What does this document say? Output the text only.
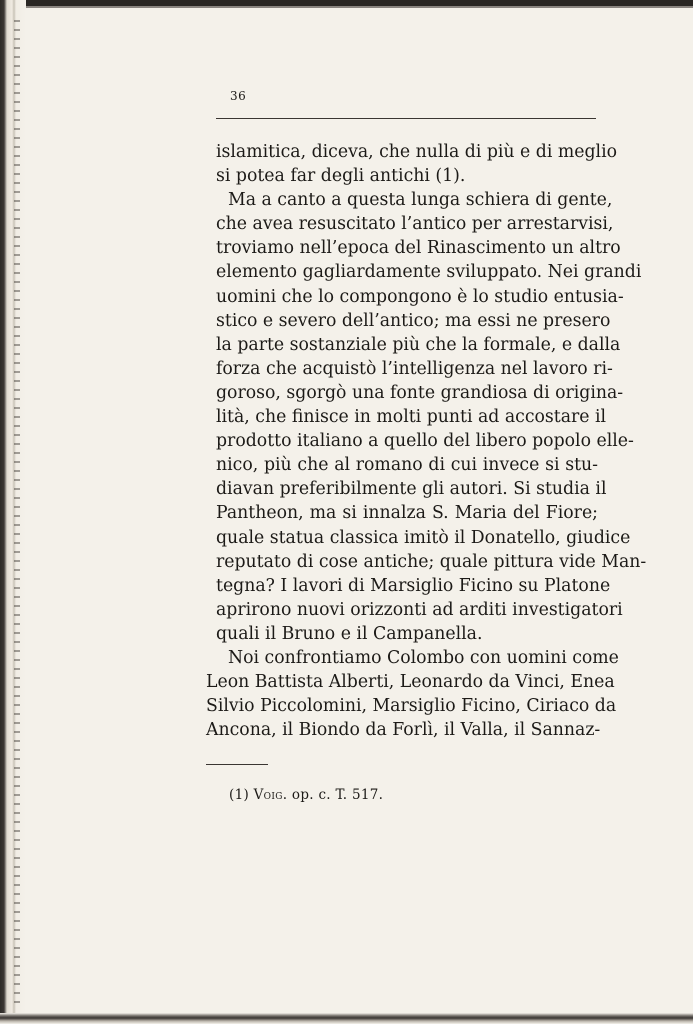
36
islamitica, diceva, che nulla di più e di meglio
si potea far degli antichi (1).
Ma a canto a questa lunga schiera di gente,
che avea resuscitato l’antico per arrestarvisi,
troviamo nell’epoca del Rinascimento un altro
elemento gagliardamente sviluppato. Nei grandi
uomini che lo compongono è lo studio entusia-
stico e severo dell’antico; ma essi ne presero
la parte sostanziale più che la formale, e dalla
forza che acquistò l’intelligenza nel lavoro ri-
goroso, sgorgò una fonte grandiosa di origina-
lità, che finisce in molti punti ad accostare il
prodotto italiano a quello del libero popolo elle-
nico, più che al romano di cui invece si stu-
diavan preferibilmente gli autori. Si studia il
Pantheon, ma si innalza S. Maria del Fiore;
quale statua classica imitò il Donatello, giudice
reputato di cose antiche; quale pittura vide Man-
tegna? I lavori di Marsiglio Ficino su Platone
aprirono nuovi orizzonti ad arditi investigatori
quali il Bruno e il Campanella.
Noi confrontiamo Colombo con uomini come
Leon Battista Alberti, Leonardo da Vinci, Enea
Silvio Piccolomini, Marsiglio Ficino, Ciriaco da
Ancona, il Biondo da Forlì, il Valla, il Sannaz-
(1) Voig. op. c. T. 517.
